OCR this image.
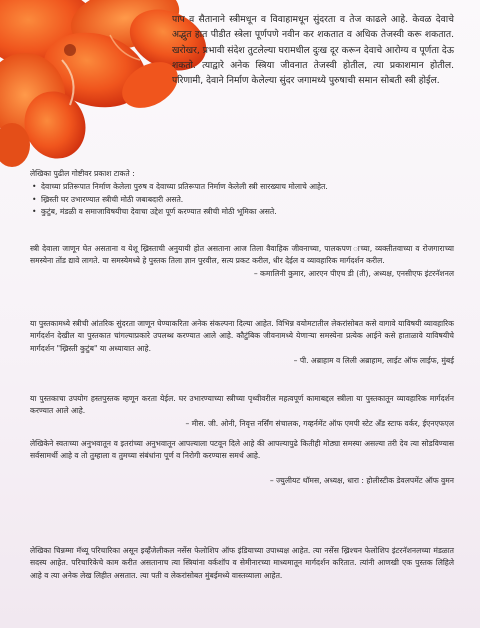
पाप व सैतानाने स्त्रीमधून व विवाहामधून सुंदरता व तेज काढले आहे. केवळ देवाचे अद्भुत हात पीडीत स्त्रेला पूर्णपणे नवीन कर शकतात व अधिक तेजस्वी करू शकतात. खरोखर, प्रभावी संदेश तुटलेल्या घरामधील दुःख दूर करून देवाचे आरोग्य व पूर्णता देऊ शकतो. त्याद्वारे अनेक स्त्रिया जीवनात तेजस्वी होतील, त्या प्रकाशमान होतील. परिणामी, देवाने निर्माण केलेल्या सुंदर जगामध्ये पुरुषाची समान सोबती स्त्री होईल.

लेखिका पुढील गोष्टीवर प्रकाश टाकते :

• देवाच्या प्रतिरूपात निर्माण केलेला पुरुष व देवाच्या प्रतिरूपात निर्माण केलेली स्त्री सारख्याच मोलाचे आहेत.
• ख्रिस्ती घर उभारण्यात स्त्रीची मोठी जबाबदारी असते.
• कुटुंब, मंडळी व समाजाविषयीचा देवाचा उद्देश पूर्ण करण्यात स्त्रीची मोठी भूमिका असते.

स्त्री देवाला जाणून घेत असताना व येशू ख्रिस्ताची अनुयायी होत असताना आज तिला वैवाहिक जीवनाच्या, पालकपण ाच्या, व्यक्तीतवाच्या व रोजगाराच्या समस्येना तोंड द्यावे लागते. या समस्येमध्ये हे पुस्तक तिला ज्ञान पुरवील, सत्य प्रकट करील, धीर देईल व व्यावहारिक मार्गदर्शन करील.

– कमालिनी कुमार, आरएन पीएच डी (ती), अध्यक्ष, एनसीएफ इंटरनॅशनल

या पुस्तकामध्ये स्त्रीची आंतरिक सुंदरता जाणून घेण्याकरिता अनेक संकल्पना दिल्या आहेत. विभिन्न वयोमटातील लेकरांसोबत कसे वागावे याविषयी व्यावहारिक मार्गदर्शन देखील या पुस्तकात चांगल्याप्रकारे उपलब्ध करण्यात आले आहे. कौटुंबिक जीवनामध्ये येणाऱ्या समस्येना प्रत्येक आईने कसे हाताळावे याविषयीचे मार्गदर्शन "ख्रिस्ती कुटुंब" या अध्यायात आहे.

– पी. अब्राहाम व लिली अब्राहाम, लाईट ऑफ लाईफ, मुंबई

या पुस्तकाचा उपयोग हस्तपुस्तक म्हणून करता येईल. घर उभारण्याच्या स्त्रीच्या पृथ्वीवरील महत्वपूर्ण कामाबद्दल स्त्रीला या पुस्तकातून व्यावहारिक मार्गदर्शन करण्यात आले आहे.

– मीस. जी. ओनी, निवृत्त नर्सिंग संचालक, गव्हर्नमेंट ऑफ एमपी स्टेट अँड स्टाफ वर्कर, ईएनएफएल

लेखिकेने स्वतःच्या अनुभवातून व इतरांच्या अनुभवातून आपल्याला पटवून दिले आहे की आपल्यापुढे कितीही मोठ्या समस्या असल्या तरी देव त्या सोडविण्यास सर्वसामर्थी आहे व तो तुम्हाला व तुमच्या संबंधांना पूर्ण व निरोगी करण्यास समर्थ आहे.

– ज्युलीयट थॉमस, अध्यक्ष, धारा : होलीस्टीक डेवलपमेंट ऑफ वुमन

लेखिका चिन्नम्मा मॅथ्यू परिचारिका असून इव्हँजेलीकल नर्सेस फेलोशिप ऑफ इंडियाच्या उपाध्यक्ष आहेत. त्या नर्सेस ख्रिश्चन फेलोशिप इंटरनॅशनलच्या मंडळात सदस्य आहेत. परिचारिकेचे काम करीत असतानाच त्या स्त्रियांना वर्कशॉप व सेमीनारच्या माध्यमातून मार्गदर्शन करितात. त्यांनी आणखी एक पुस्तक लिहिले आहे व त्या अनेक लेख लिहीत असतात. त्या पती व लेकरांसोबत मुंबईमध्ये वास्तव्याला आहेत.
